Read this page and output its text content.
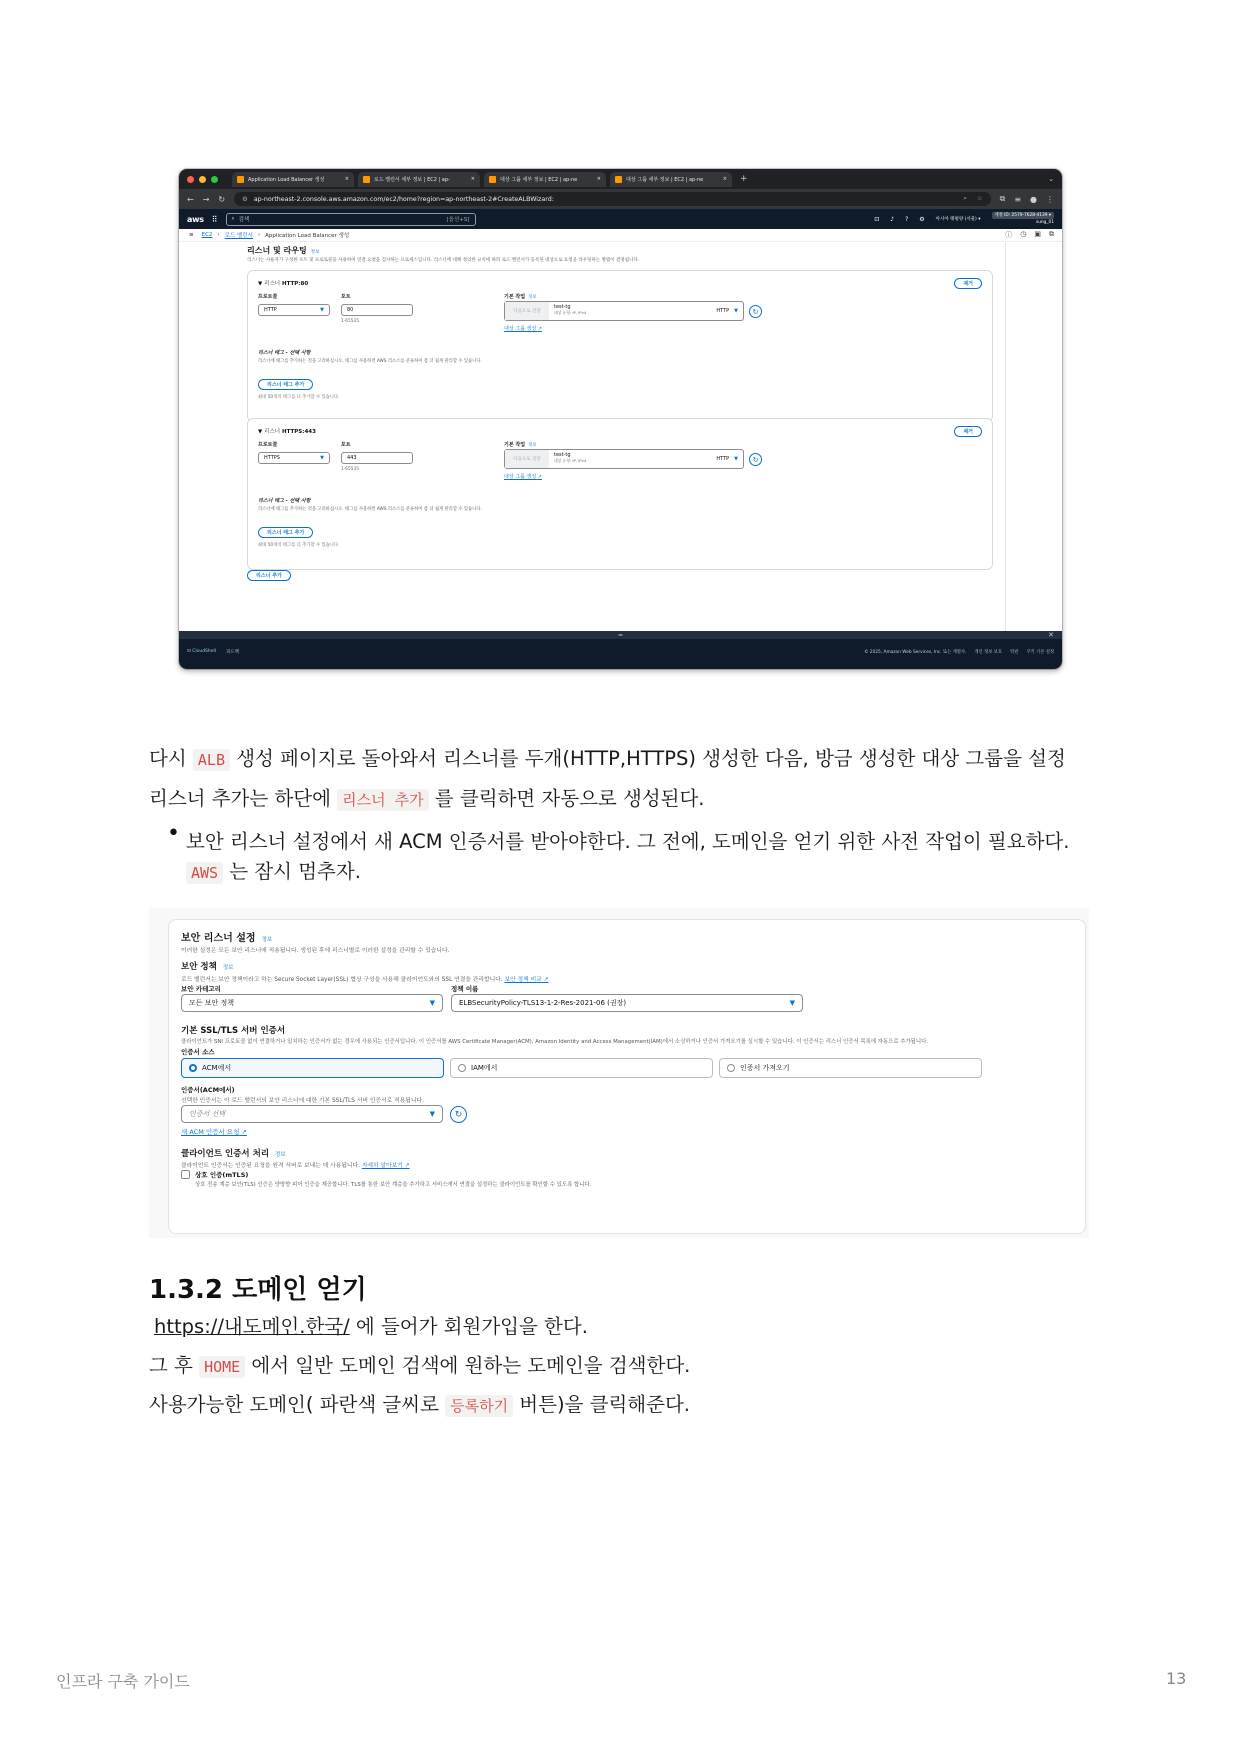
Application Load Balancer 생성	×	로드 밸런서 세부 정보 | EC2 | ap-	×	대상 그룹 세부 정보 | EC2 | ap-ne	×	대상 그룹 세부 정보 | EC2 | ap-ne	× +	⌄
← → ↻	⚙ ap-northeast-2.console.aws.amazon.com/ec2/home?region=ap-northeast-2#CreateALBWizard:	⌕ ☆ ⧉ ≡ ● ⋮
aws ⠿	⌕ 검색	[옵션+S]	⊡ ♪ ? ⚙ 아시아 태평양 (서울) ▾
계정 ID: 2579-7628-4139 ▾
sung_01
≡ EC2 › 로드 밸런서 › Application Load Balancer 생성	ⓘ ◷ ▣ ⧉
리스너 및 라우팅 정보
리스너는 사용자가 구성한 포트 및 프로토콜을 사용하여 연결 요청을 검사하는 프로세스입니다. 리스너에 대해 정의한 규칙에 따라 로드 밸런서가 등록된 대상으로 요청을 라우팅하는 방법이 결정됩니다.
▼ 리스너 HTTP:80	제거
프로토콜
HTTP	▼
포트
80
1-65535
기본 작업 정보
다음으로 전달
test-tg
대상 유형: IP, IPv4	HTTP ▼	↻
대상 그룹 생성 ↗
리스너 태그 - 선택 사항
리스너에 태그를 추가하는 것을 고려하십시오. 태그를 사용하면 AWS 리소스를 분류하여 좀 더 쉽게 관리할 수 있습니다.
리스너 태그 추가
최대 50개의 태그를 더 추가할 수 있습니다.
▼ 리스너 HTTPS:443	제거
프로토콜
HTTPS	▼
포트
443
1-65535
기본 작업 정보
다음으로 전달
test-tg
대상 유형: IP, IPv4	HTTP ▼	↻
대상 그룹 생성 ↗
리스너 태그 - 선택 사항
리스너에 태그를 추가하는 것을 고려하십시오. 태그를 사용하면 AWS 리소스를 분류하여 좀 더 쉽게 관리할 수 있습니다.
리스너 태그 추가
최대 50개의 태그를 더 추가할 수 있습니다.
리스너 추가
═	✕
⊡ CloudShell 피드백	© 2025, Amazon Web Services, Inc. 또는 계열사. 개인 정보 보호 약관 쿠키 기본 설정
다시 ALB 생성 페이지로 돌아와서 리스너를 두개(HTTP,HTTPS) 생성한 다음, 방금 생성한 대상 그룹을 설정
리스너 추가는 하단에 리스너 추가 를 클릭하면 자동으로 생성된다.
• 보안 리스너 설정에서 새 ACM 인증서를 받아야한다. 그 전에, 도메인을 얻기 위한 사전 작업이 필요하다.
AWS 는 잠시 멈추자.
보안 리스너 설정 정보
이러한 설정은 모든 보안 리스너에 적용됩니다. 생성된 후에 리스너별로 이러한 설정을 관리할 수 있습니다.
보안 정책 정보
로드 밸런서는 보안 정책이라고 하는 Secure Socket Layer(SSL) 협상 구성을 사용해 클라이언트와의 SSL 연결을 관리합니다. 보안 정책 비교 ↗
보안 카테고리
모든 보안 정책	▼
정책 이름
ELBSecurityPolicy-TLS13-1-2-Res-2021-06 (권장)	▼
기본 SSL/TLS 서버 인증서
클라이언트가 SNI 프로토콜 없이 연결하거나 일치하는 인증서가 없는 경우에 사용되는 인증서입니다. 이 인증서를 AWS Certificate Manager(ACM), Amazon Identity and Access Management(IAM)에서 소싱하거나 인증서 가져오기를 실시할 수 있습니다. 이 인증서는 리스너 인증서 목록에 자동으로 추가됩니다.
인증서 소스
ACM에서	IAM에서	인증서 가져오기
인증서(ACM에서)
선택한 인증서는 이 로드 밸런서의 보안 리스너에 대한 기본 SSL/TLS 서버 인증서로 적용됩니다.
인증서 선택	▼	↻
새 ACM 인증서 요청 ↗
클라이언트 인증서 처리 정보
클라이언트 인증서는 인증된 요청을 원격 서버로 보내는 데 사용됩니다. 자세히 알아보기 ↗
상호 인증(mTLS)
상호 전송 계층 보안(TLS) 인증은 양방향 피어 인증을 제공합니다. TLS를 통한 보안 계층을 추가하고 서비스에서 연결을 설정하는 클라이언트를 확인할 수 있도록 합니다.
1.3.2 도메인 얻기
https://내도메인.한국/ 에 들어가 회원가입을 한다.
그 후 HOME 에서 일반 도메인 검색에 원하는 도메인을 검색한다.
사용가능한 도메인( 파란색 글씨로 등록하기 버튼)을 클릭해준다.
인프라 구축 가이드	13
